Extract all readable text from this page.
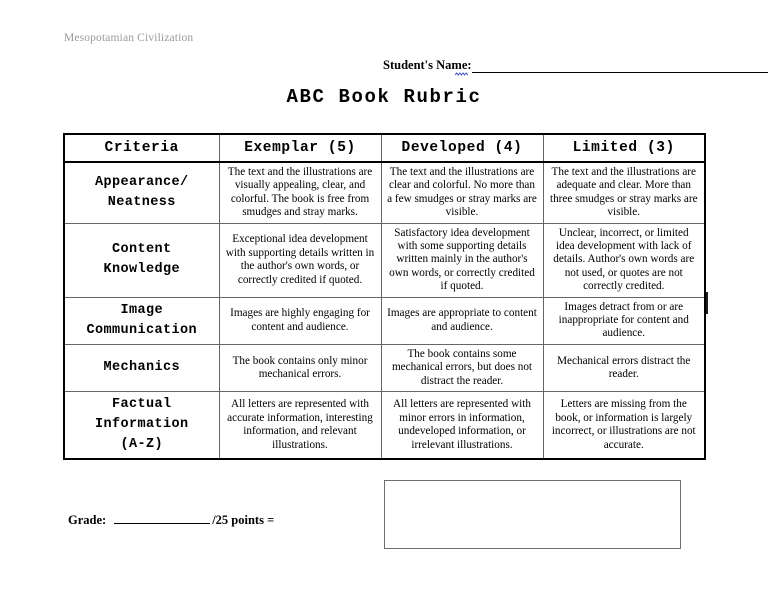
Mesopotamian Civilization
Student's Name:
ABC Book Rubric
Criteria	Exemplar (5)	Developed (4)	Limited (3)
Appearance/
Neatness	The text and the illustrations are visually appealing, clear, and colorful. The book is free from smudges and stray marks.	The text and the illustrations are clear and colorful. No more than a few smudges or stray marks are visible.	The text and the illustrations are adequate and clear. More than three smudges or stray marks are visible.
Content
Knowledge	Exceptional idea development with supporting details written in the author's own words, or correctly credited if quoted.	Satisfactory idea development with some supporting details written mainly in the author's own words, or correctly credited if quoted.	Unclear, incorrect, or limited idea development with lack of details. Author's own words are not used, or quotes are not correctly credited.
Image
Communication	Images are highly engaging for content and audience.	Images are appropriate to content and audience.	Images detract from or are inappropriate for content and audience.
Mechanics	The book contains only minor mechanical errors.	The book contains some mechanical errors, but does not distract the reader.	Mechanical errors distract the reader.
Factual
Information
(A-Z)	All letters are represented with accurate information, interesting information, and relevant illustrations.	All letters are represented with minor errors in information, undeveloped information, or irrelevant illustrations.	Letters are missing from the book, or information is largely incorrect, or illustrations are not accurate.
Grade:	/25 points =
